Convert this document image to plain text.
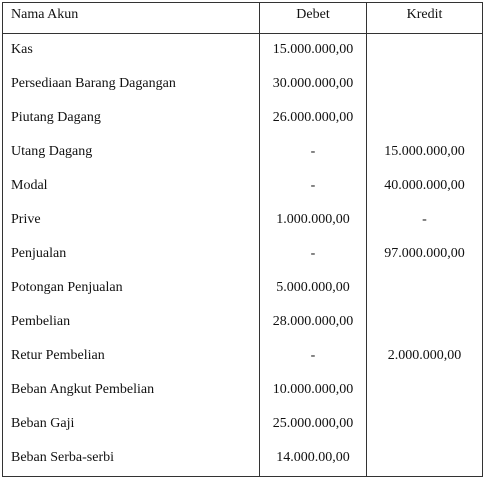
Nama Akun	Debet	Kredit
Kas	15.000.000,00
Persediaan Barang Dagangan	30.000.000,00
Piutang Dagang	26.000.000,00
Utang Dagang	-	15.000.000,00
Modal	-	40.000.000,00
Prive	1.000.000,00	-
Penjualan	-	97.000.000,00
Potongan Penjualan	5.000.000,00
Pembelian	28.000.000,00
Retur Pembelian	-	2.000.000,00
Beban Angkut Pembelian	10.000.000,00
Beban Gaji	25.000.000,00
Beban Serba-serbi	14.000.00,00
